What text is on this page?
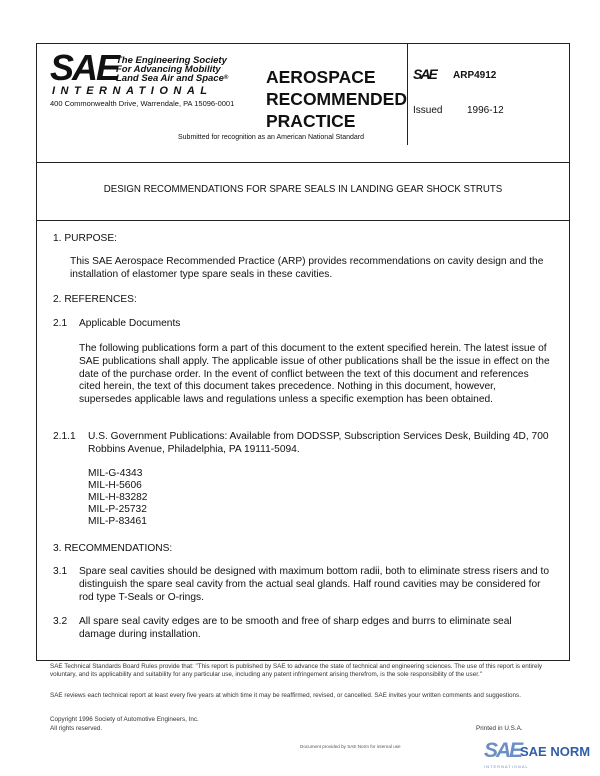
SAE
The Engineering Society
For Advancing Mobility
Land Sea Air and Space®
INTERNATIONAL
400 Commonwealth Drive, Warrendale, PA 15096-0001
AEROSPACE
RECOMMENDED
PRACTICE
SAE ARP4912
Issued 1996-12
Submitted for recognition as an American National Standard
DESIGN RECOMMENDATIONS FOR SPARE SEALS IN LANDING GEAR SHOCK STRUTS
1. PURPOSE:
This SAE Aerospace Recommended Practice (ARP) provides recommendations on cavity design and the installation of elastomer type spare seals in these cavities.
2. REFERENCES:
2.1 Applicable Documents
The following publications form a part of this document to the extent specified herein. The latest issue of SAE publications shall apply. The applicable issue of other publications shall be the issue in effect on the date of the purchase order. In the event of conflict between the text of this document and references cited herein, the text of this document takes precedence. Nothing in this document, however, supersedes applicable laws and regulations unless a specific exemption has been obtained.
2.1.1 U.S. Government Publications: Available from DODSSP, Subscription Services Desk, Building 4D, 700 Robbins Avenue, Philadelphia, PA 19111-5094.
MIL-G-4343
MIL-H-5606
MIL-H-83282
MIL-P-25732
MIL-P-83461
3. RECOMMENDATIONS:
3.1 Spare seal cavities should be designed with maximum bottom radii, both to eliminate stress risers and to distinguish the spare seal cavity from the actual seal glands. Half round cavities may be considered for rod type T-Seals or O-rings.
3.2 All spare seal cavity edges are to be smooth and free of sharp edges and burrs to eliminate seal damage during installation.
SAE Technical Standards Board Rules provide that: "This report is published by SAE to advance the state of technical and engineering sciences. The use of this report is entirely voluntary, and its applicability and suitability for any particular use, including any patent infringement arising therefrom, is the sole responsibility of the user."
SAE reviews each technical report at least every five years at which time it may be reaffirmed, revised, or cancelled. SAE invites your written comments and suggestions.
Copyright 1996 Society of Automotive Engineers, Inc.
All rights reserved.	Printed in U.S.A.
Document provided by SAE Norm for internal use	SAE
SAE NORM
INTERNATIONAL
